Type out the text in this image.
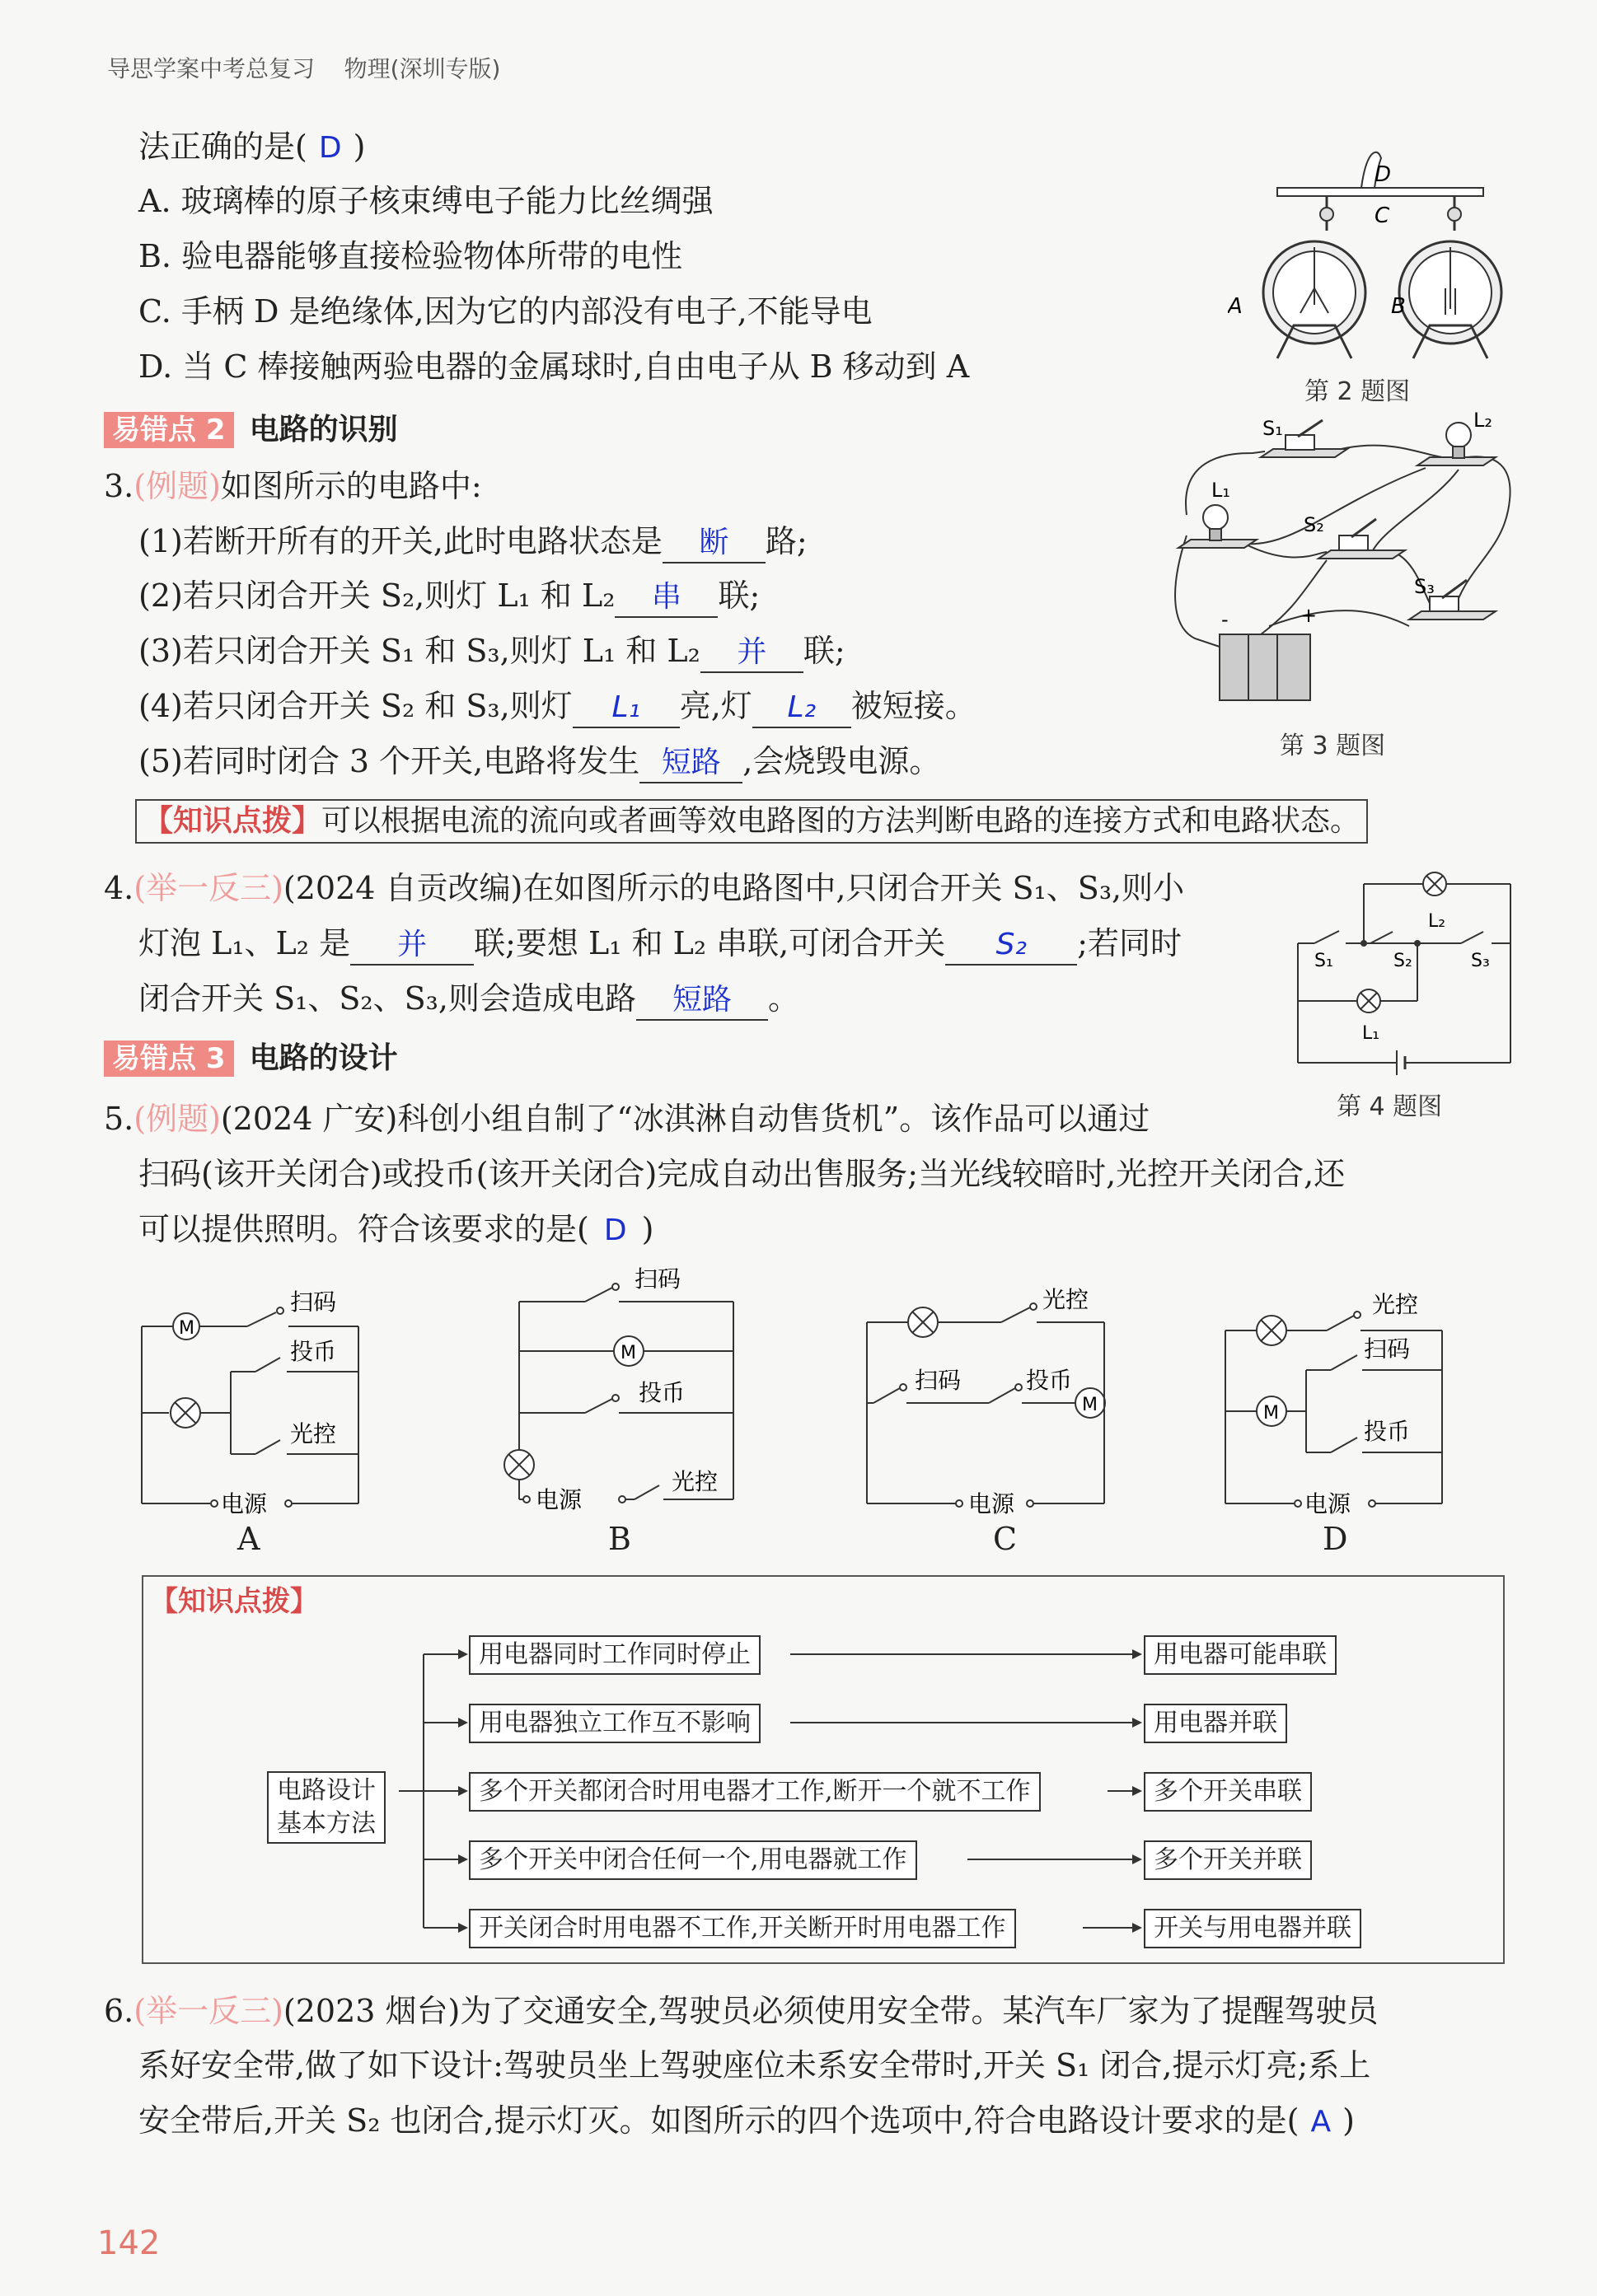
导思学案中考总复习 物理(深圳专版)
法正确的是( D )
A. 玻璃棒的原子核束缚电子能力比丝绸强
B. 验电器能够直接检验物体所带的电性
C. 手柄 D 是绝缘体,因为它的内部没有电子,不能导电
D. 当 C 棒接触两验电器的金属球时,自由电子从 B 移动到 A
D
C
A	B
第 2 题图
易错点 2 电路的识别
3.(例题)如图所示的电路中:
(1)若断开所有的开关,此时电路状态是 断 路;
(2)若只闭合开关 S₂,则灯 L₁ 和 L₂ 串 联;
(3)若只闭合开关 S₁ 和 S₃,则灯 L₁ 和 L₂ 并 联;
(4)若只闭合开关 S₂ 和 S₃,则灯 L₁ 亮,灯 L₂ 被短接。
(5)若同时闭合 3 个开关,电路将发生 短路 ,会烧毁电源。
-	+
S₁	L₂
L₁
S₂
S₃
第 3 题图
【知识点拨】可以根据电流的流向或者画等效电路图的方法判断电路的连接方式和电路状态。
4.(举一反三)(2024 自贡改编)在如图所示的电路图中,只闭合开关 S₁、S₃,则小
灯泡 L₁、L₂ 是 并 联;要想 L₁ 和 L₂ 串联,可闭合开关 S₂ ;若同时
闭合开关 S₁、S₂、S₃,则会造成电路 短路 。
S₁	S₂	S₃
L₂
L₁
第 4 题图
易错点 3 电路的设计
5.(例题)(2024 广安)科创小组自制了“冰淇淋自动售货机”。该作品可以通过
扫码(该开关闭合)或投币(该开关闭合)完成自动出售服务;当光线较暗时,光控开关闭合,还
可以提供照明。符合该要求的是( D )
M
扫码
投币
光控
电源
A
扫码
M
投币
电源
光控
B
光控
扫码	投币
M
电源
C
光控
M
扫码
投币
电源
D
【知识点拨】
电路设计
基本方法
用电器同时工作同时停止
用电器独立工作互不影响
多个开关都闭合时用电器才工作,断开一个就不工作
多个开关中闭合任何一个,用电器就工作
开关闭合时用电器不工作,开关断开时用电器工作
用电器可能串联
用电器并联
多个开关串联
多个开关并联
开关与用电器并联
6.(举一反三)(2023 烟台)为了交通安全,驾驶员必须使用安全带。某汽车厂家为了提醒驾驶员
系好安全带,做了如下设计:驾驶员坐上驾驶座位未系安全带时,开关 S₁ 闭合,提示灯亮;系上
安全带后,开关 S₂ 也闭合,提示灯灭。如图所示的四个选项中,符合电路设计要求的是( A )
142
